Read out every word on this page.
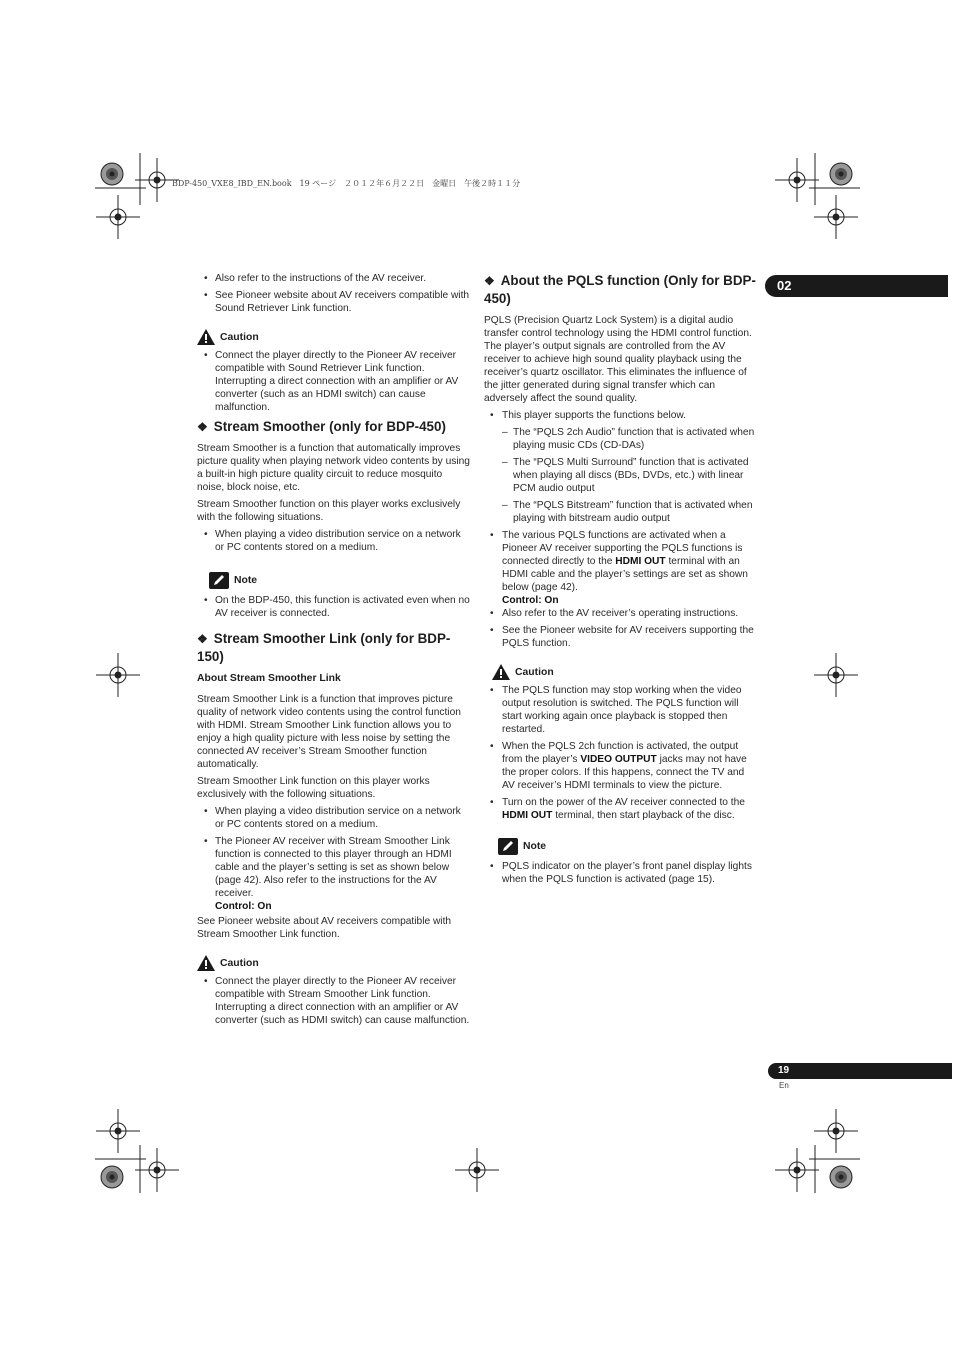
BDP-450_VXE8_IBD_EN.book　19 ページ　２０１２年６月２２日　金曜日　午後２時１１分
02
19
En
• Also refer to the instructions of the AV receiver.
• See Pioneer website about AV receivers compatible with Sound Retriever Link function.
Caution
• Connect the player directly to the Pioneer AV receiver compatible with Sound Retriever Link function. Interrupting a direct connection with an amplifier or AV converter (such as an HDMI switch) can cause malfunction.
❖ Stream Smoother (only for BDP-450)

Stream Smoother is a function that automatically improves picture quality when playing network video contents by using a built-in high picture quality circuit to reduce mosquito noise, block noise, etc.

Stream Smoother function on this player works exclusively with the following situations.

• When playing a video distribution service on a network or PC contents stored on a medium.
Note
• On the BDP-450, this function is activated even when no AV receiver is connected.
❖ Stream Smoother Link (only for BDP-150)
About Stream Smoother Link

Stream Smoother Link is a function that improves picture quality of network video contents using the control function with HDMI. Stream Smoother Link function allows you to enjoy a high quality picture with less noise by setting the connected AV receiver’s Stream Smoother function automatically.

Stream Smoother Link function on this player works exclusively with the following situations.

• When playing a video distribution service on a network or PC contents stored on a medium.
• The Pioneer AV receiver with Stream Smoother Link function is connected to this player through an HDMI cable and the player’s setting is set as shown below (page 42). Also refer to the instructions for the AV receiver.
Control: On

See Pioneer website about AV receivers compatible with Stream Smoother Link function.

Caution
• Connect the player directly to the Pioneer AV receiver compatible with Stream Smoother Link function. Interrupting a direct connection with an amplifier or AV converter (such as HDMI switch) can cause malfunction.
❖ About the PQLS function (Only for BDP-450)

PQLS (Precision Quartz Lock System) is a digital audio transfer control technology using the HDMI control function. The player’s output signals are controlled from the AV receiver to achieve high sound quality playback using the receiver’s quartz oscillator. This eliminates the influence of the jitter generated during signal transfer which can adversely affect the sound quality.

• This player supports the functions below.
– The “PQLS 2ch Audio” function that is activated when playing music CDs (CD-DAs)
– The “PQLS Multi Surround” function that is activated when playing all discs (BDs, DVDs, etc.) with linear PCM audio output
– The “PQLS Bitstream” function that is activated when playing with bitstream audio output
• The various PQLS functions are activated when a Pioneer AV receiver supporting the PQLS functions is connected directly to the HDMI OUT terminal with an HDMI cable and the player’s settings are set as shown below (page 42).
Control: On
• Also refer to the AV receiver’s operating instructions.
• See the Pioneer website for AV receivers supporting the PQLS function.
Caution
• The PQLS function may stop working when the video output resolution is switched. The PQLS function will start working again once playback is stopped then restarted.
• When the PQLS 2ch function is activated, the output from the player’s VIDEO OUTPUT jacks may not have the proper colors. If this happens, connect the TV and AV receiver’s HDMI terminals to view the picture.
• Turn on the power of the AV receiver connected to the HDMI OUT terminal, then start playback of the disc.
Note
• PQLS indicator on the player’s front panel display lights when the PQLS function is activated (page 15).
